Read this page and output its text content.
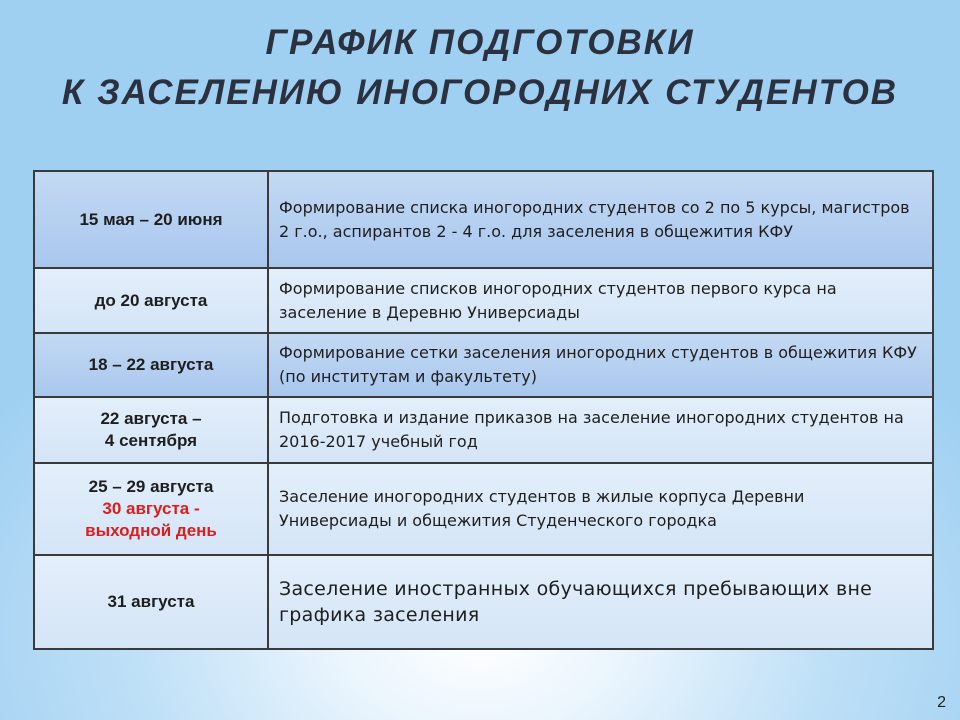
ГРАФИК ПОДГОТОВКИ
К ЗАСЕЛЕНИЮ ИНОГОРОДНИХ СТУДЕНТОВ
15 мая – 20 июня	Формирование списка иногородних студентов со 2 по 5 курсы, магистров 2 г.о., аспирантов 2 - 4 г.о. для заселения в общежития КФУ
до 20 августа	Формирование списков иногородних студентов первого курса на заселение в Деревню Универсиады
18 – 22 августа	Формирование сетки заселения иногородних студентов в общежития КФУ (по институтам и факультету)

22 августа –
4 сентября	Подготовка и издание приказов на заселение иногородних студентов на 2016-2017 учебный год

25 – 29 августа
30 августа -
выходной день	Заселение иногородних студентов в жилые корпуса Деревни Универсиады и общежития Студенческого городка
31 августа	Заселение иностранных обучающихся пребывающих вне графика заселения
2
